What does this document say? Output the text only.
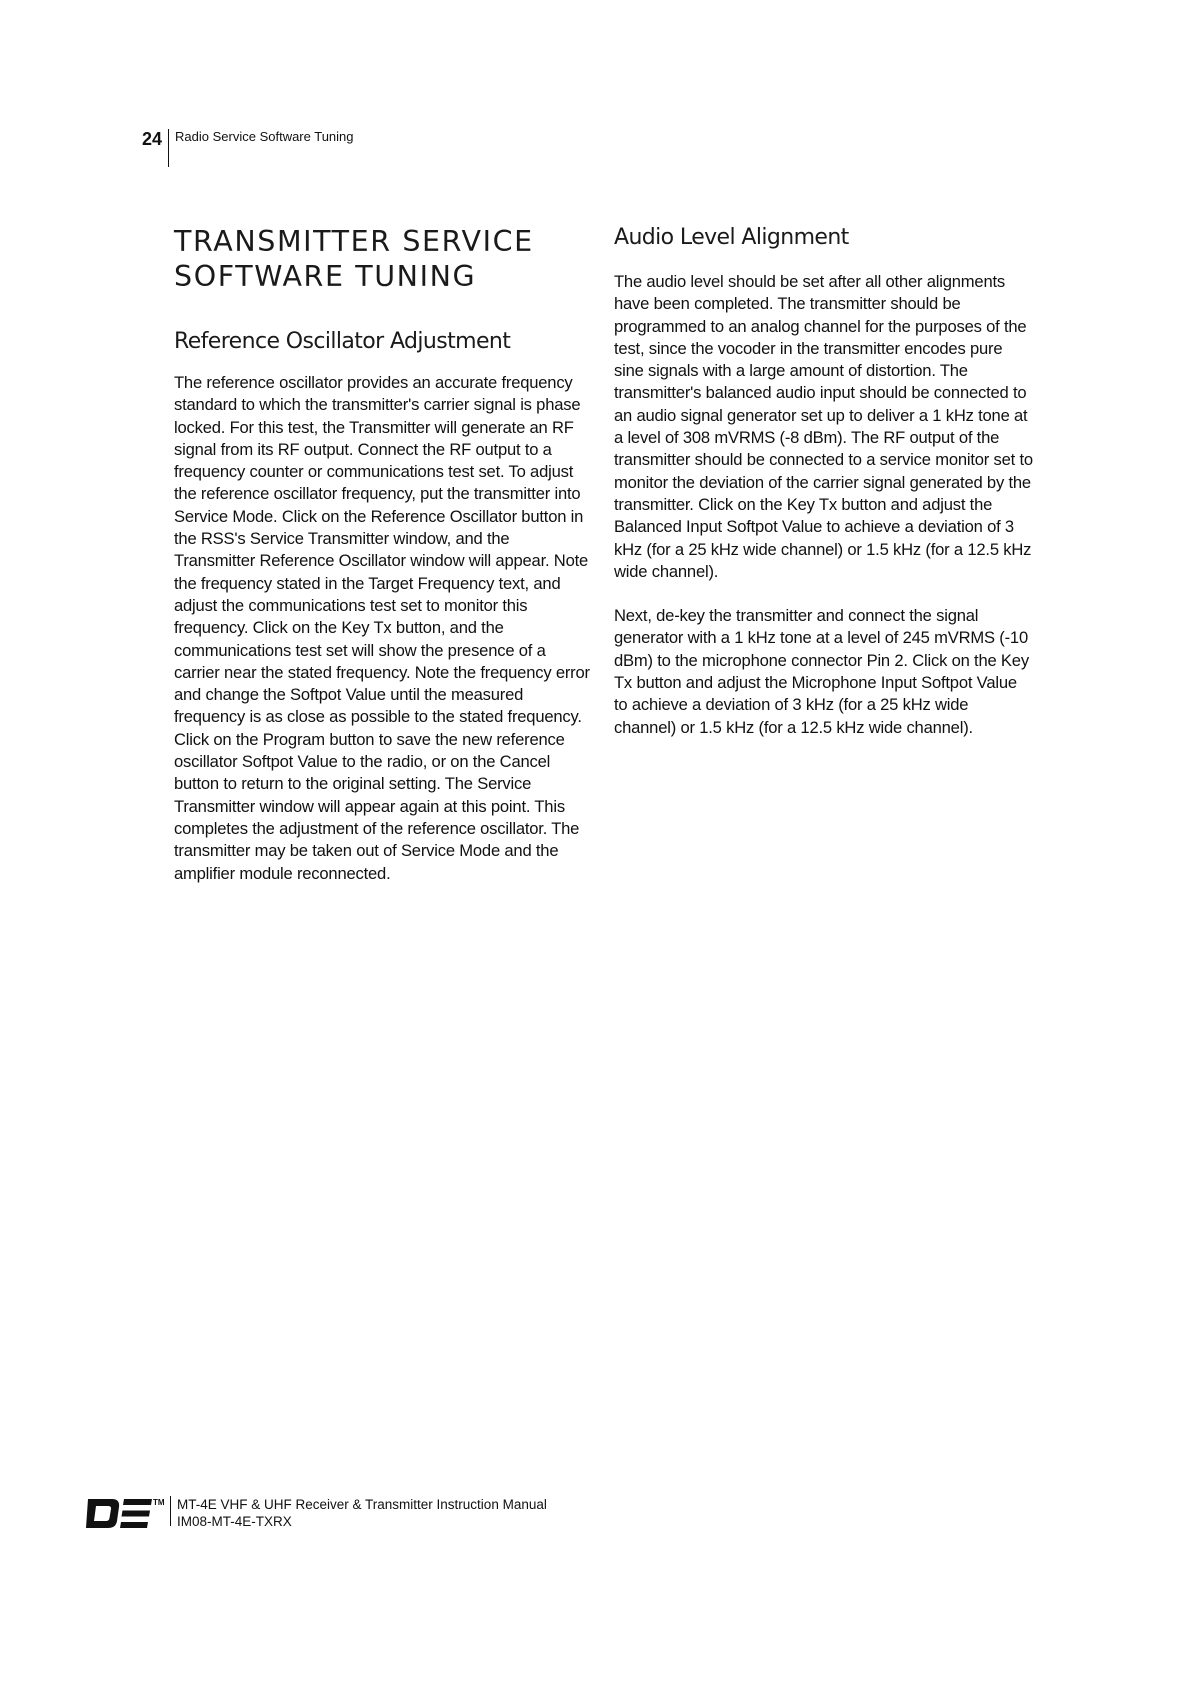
24	Radio Service Software Tuning
TRANSMITTER SERVICE
SOFTWARE TUNING
Reference Oscillator Adjustment

The reference oscillator provides an accurate frequency standard to which the transmitter's carrier signal is phase locked. For this test, the Transmitter will generate an RF signal from its RF output. Connect the RF output to a frequency counter or communications test set. To adjust the reference oscillator frequency, put the transmitter into Service Mode. Click on the Reference Oscillator button in the RSS's Service Transmitter window, and the Transmitter Reference Oscillator window will appear. Note the frequency stated in the Target Frequency text, and adjust the communications test set to monitor this frequency. Click on the Key Tx button, and the communications test set will show the presence of a carrier near the stated frequency. Note the frequency error and change the Softpot Value until the measured frequency is as close as possible to the stated frequency. Click on the Program button to save the new reference oscillator Softpot Value to the radio, or on the Cancel button to return to the original setting. The Service Transmitter window will appear again at this point. This completes the adjustment of the reference oscillator. The transmitter may be taken out of Service Mode and the amplifier module reconnected.

Audio Level Alignment

The audio level should be set after all other alignments have been completed. The transmitter should be programmed to an analog channel for the purposes of the test, since the vocoder in the transmitter encodes pure sine signals with a large amount of distortion. The transmitter's balanced audio input should be connected to an audio signal generator set up to deliver a 1 kHz tone at a level of 308 mVRMS (-8 dBm). The RF output of the transmitter should be connected to a service monitor set to monitor the deviation of the carrier signal generated by the transmitter. Click on the Key Tx button and adjust the Balanced Input Softpot Value to achieve a deviation of 3 kHz (for a 25 kHz wide channel) or 1.5 kHz (for a 12.5 kHz wide channel).

Next, de-key the transmitter and connect the signal generator with a 1 kHz tone at a level of 245 mVRMS (-10 dBm) to the microphone connector Pin 2. Click on the Key Tx button and adjust the Microphone Input Softpot Value to achieve a deviation of 3 kHz (for a 25 kHz wide channel) or 1.5 kHz (for a 12.5 kHz wide channel).

TM MT-4E VHF & UHF Receiver & Transmitter Instruction Manual
IM08-MT-4E-TXRX
